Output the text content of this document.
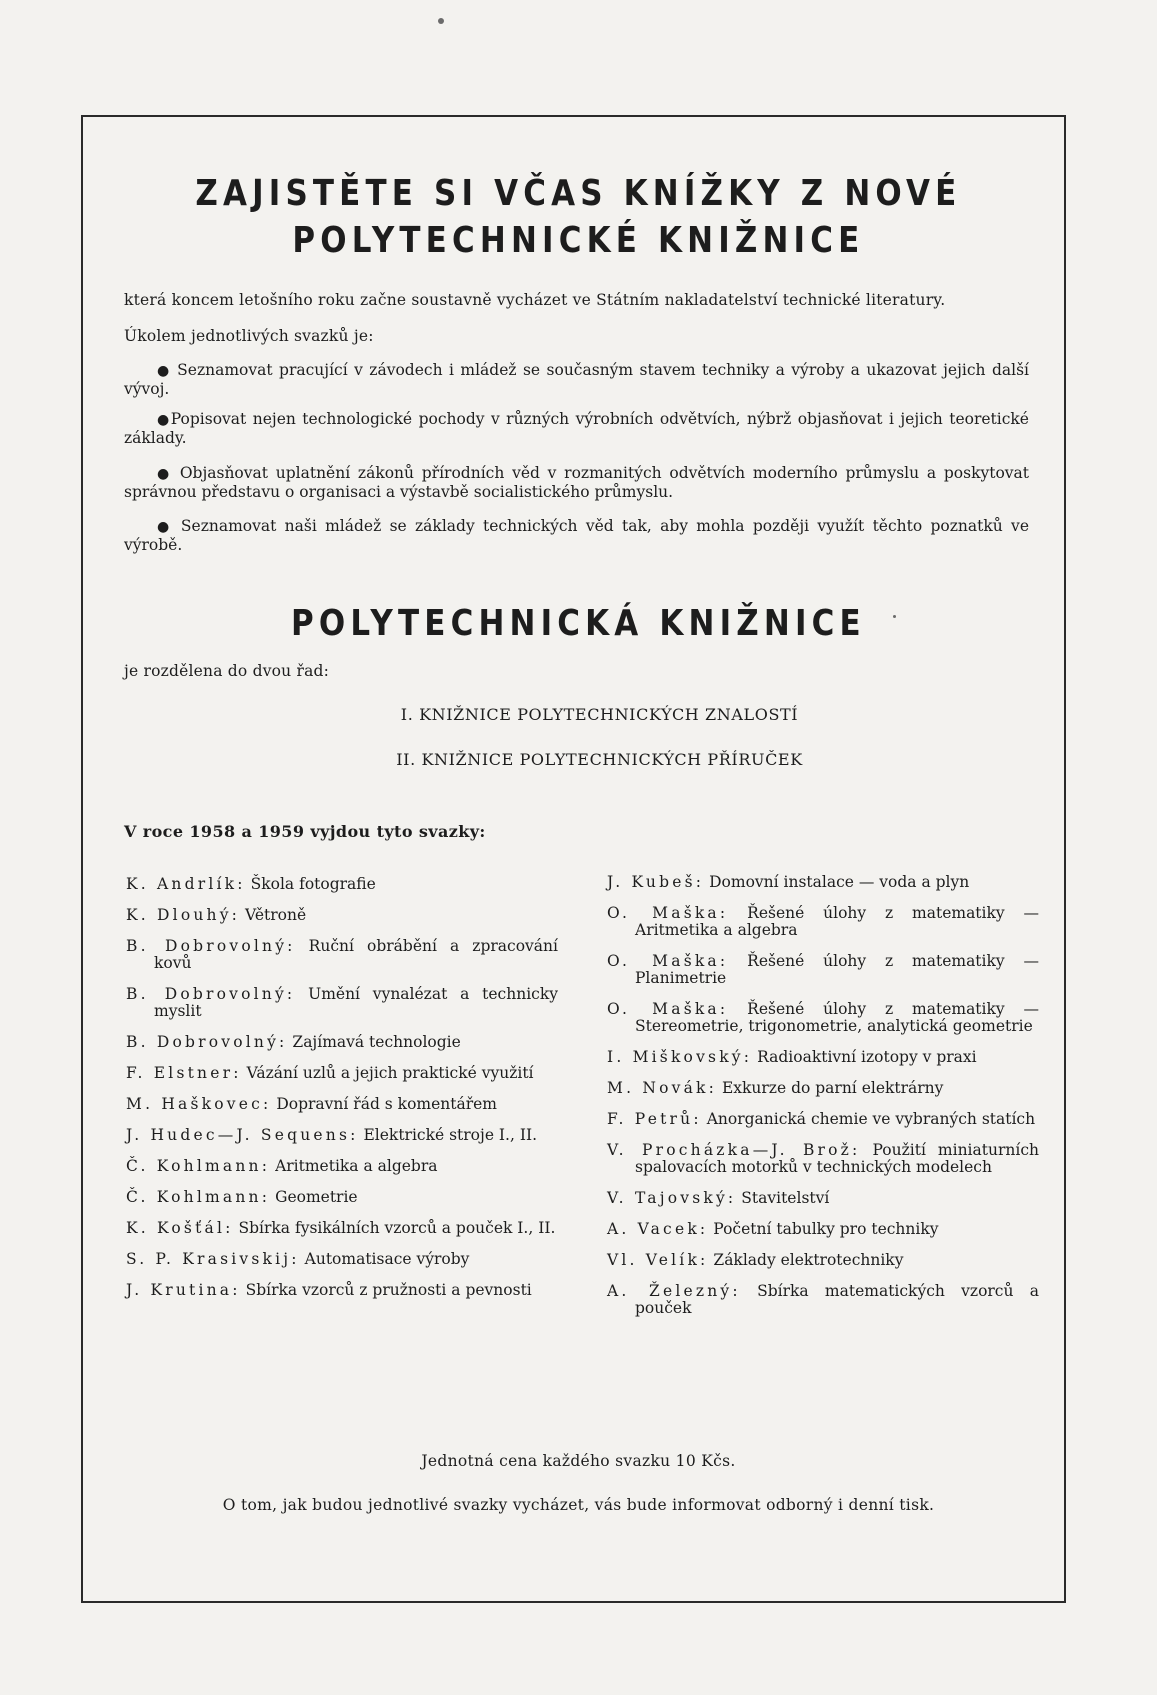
ZAJISTĚTE SI VČAS KNÍŽKY Z NOVÉ
POLYTECHNICKÉ KNIŽNICE

která koncem letošního roku začne soustavně vycházet ve Státním nakladatelství technické literatury.

Úkolem jednotlivých svazků je:

● Seznamovat pracující v závodech i mládež se současným stavem techniky a výroby a ukazovat jejich další vývoj.

●Popisovat nejen technologické pochody v různých výrobních odvětvích, nýbrž objasňovat i jejich teoretické základy.

● Objasňovat uplatnění zákonů přírodních věd v rozmanitých odvětvích moderního průmyslu a poskytovat správnou představu o organisaci a výstavbě socialistického průmyslu.

● Seznamovat naši mládež se základy technických věd tak, aby mohla později využít těchto poznatků ve výrobě.

POLYTECHNICKÁ KNIŽNICE

je rozdělena do dvou řad:

I. KNIŽNICE POLYTECHNICKÝCH ZNALOSTÍ

II. KNIŽNICE POLYTECHNICKÝCH PŘÍRUČEK

V roce 1958 a 1959 vyjdou tyto svazky:

K. Andrlík: Škola fotografie
K. Dlouhý: Větroně
B. Dobrovolný: Ruční obrábění a zpracování kovů
B. Dobrovolný: Umění vynalézat a technicky myslit
B. Dobrovolný: Zajímavá technologie
F. Elstner: Vázání uzlů a jejich praktické využití
M. Haškovec: Dopravní řád s komentářem
J. Hudec—J. Sequens: Elektrické stroje I., II.
Č. Kohlmann: Aritmetika a algebra
Č. Kohlmann: Geometrie
K. Košťál: Sbírka fysikálních vzorců a pouček I., II.
S. P. Krasivskij: Automatisace výroby
J. Krutina: Sbírka vzorců z pružnosti a pevnosti
J. Kubeš: Domovní instalace — voda a plyn
O. Maška: Řešené úlohy z matematiky — Aritmetika a algebra
O. Maška: Řešené úlohy z matematiky — Planimetrie
O. Maška: Řešené úlohy z matematiky — Stereometrie, trigonometrie, analytická geometrie
I. Miškovský: Radioaktivní izotopy v praxi
M. Novák: Exkurze do parní elektrárny
F. Petrů: Anorganická chemie ve vybraných statích
V. Procházka—J. Brož: Použití miniaturních spalovacích motorků v technických modelech
V. Tajovský: Stavitelství
A. Vacek: Početní tabulky pro techniky
Vl. Velík: Základy elektrotechniky
A. Železný: Sbírka matematických vzorců a pouček

Jednotná cena každého svazku 10 Kčs.

O tom, jak budou jednotlivé svazky vycházet, vás bude informovat odborný i denní tisk.
